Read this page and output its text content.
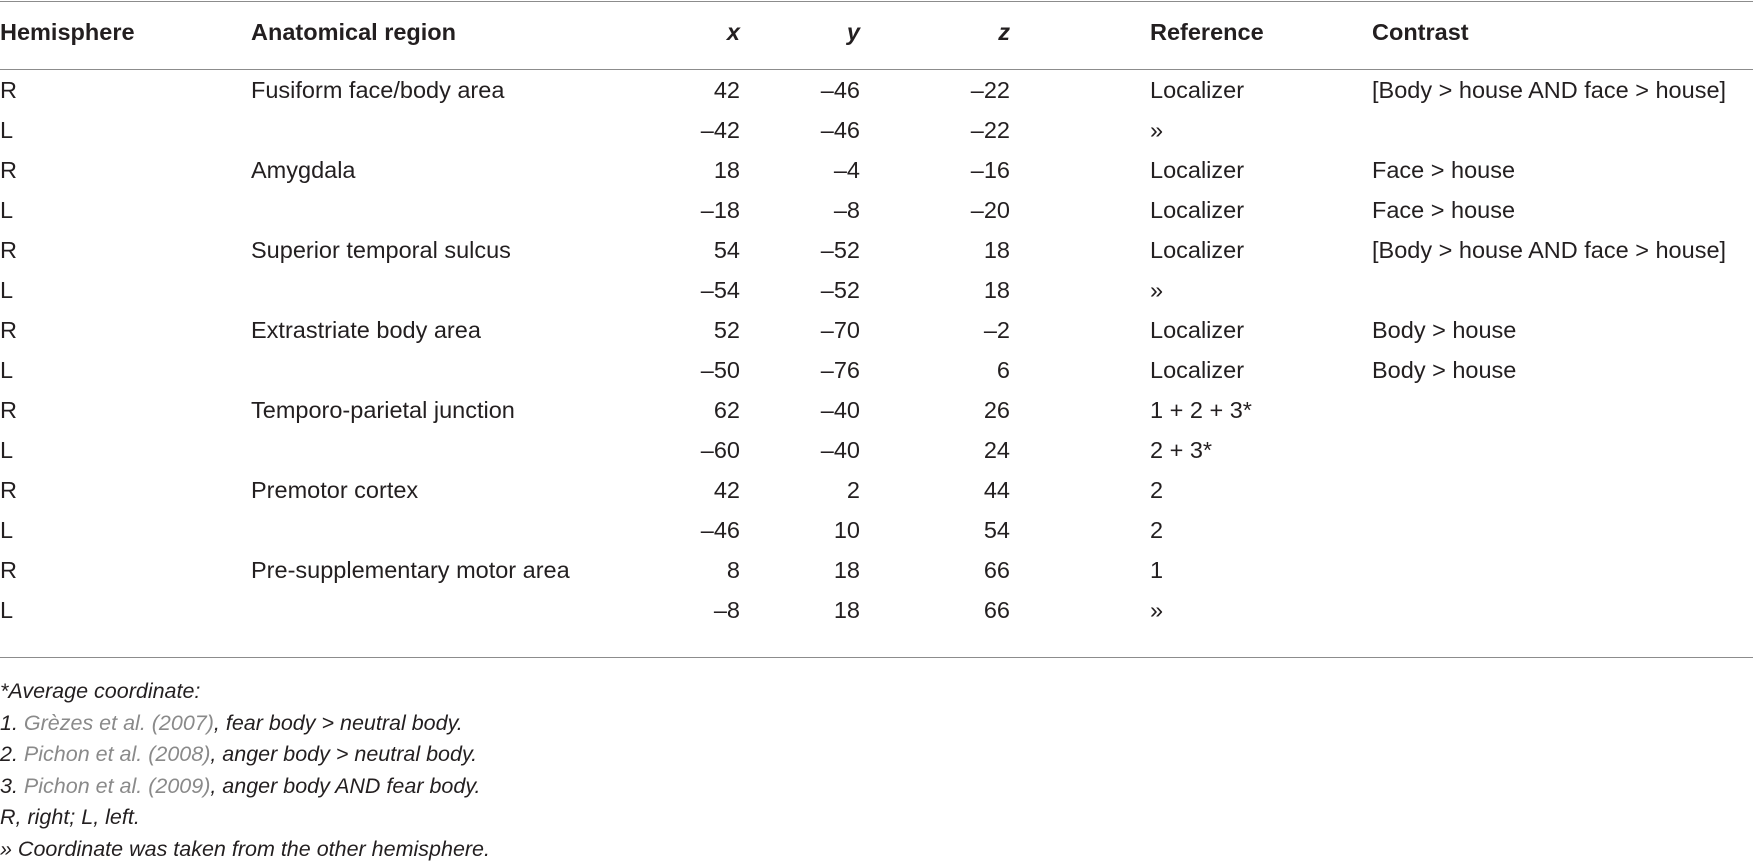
Hemisphere	Anatomical region	x	y	z		Reference	Contrast
R	Fusiform face/body area	42	–46	–22		Localizer	[Body > house AND face > house]
L		–42	–46	–22		»	
R	Amygdala	18	–4	–16		Localizer	Face > house
L		–18	–8	–20		Localizer	Face > house
R	Superior temporal sulcus	54	–52	18		Localizer	[Body > house AND face > house]
L		–54	–52	18		»	
R	Extrastriate body area	52	–70	–2		Localizer	Body > house
L		–50	–76	6		Localizer	Body > house
R	Temporo-parietal junction	62	–40	26		1 + 2 + 3*	
L		–60	–40	24		2 + 3*	
R	Premotor cortex	42	2	44		2	
L		–46	10	54		2	
R	Pre-supplementary motor area	8	18	66		1	
L		–8	18	66		»	
*Average coordinate:
1. Grèzes et al. (2007), fear body > neutral body.
2. Pichon et al. (2008), anger body > neutral body.
3. Pichon et al. (2009), anger body AND fear body.
R, right; L, left.
» Coordinate was taken from the other hemisphere.
